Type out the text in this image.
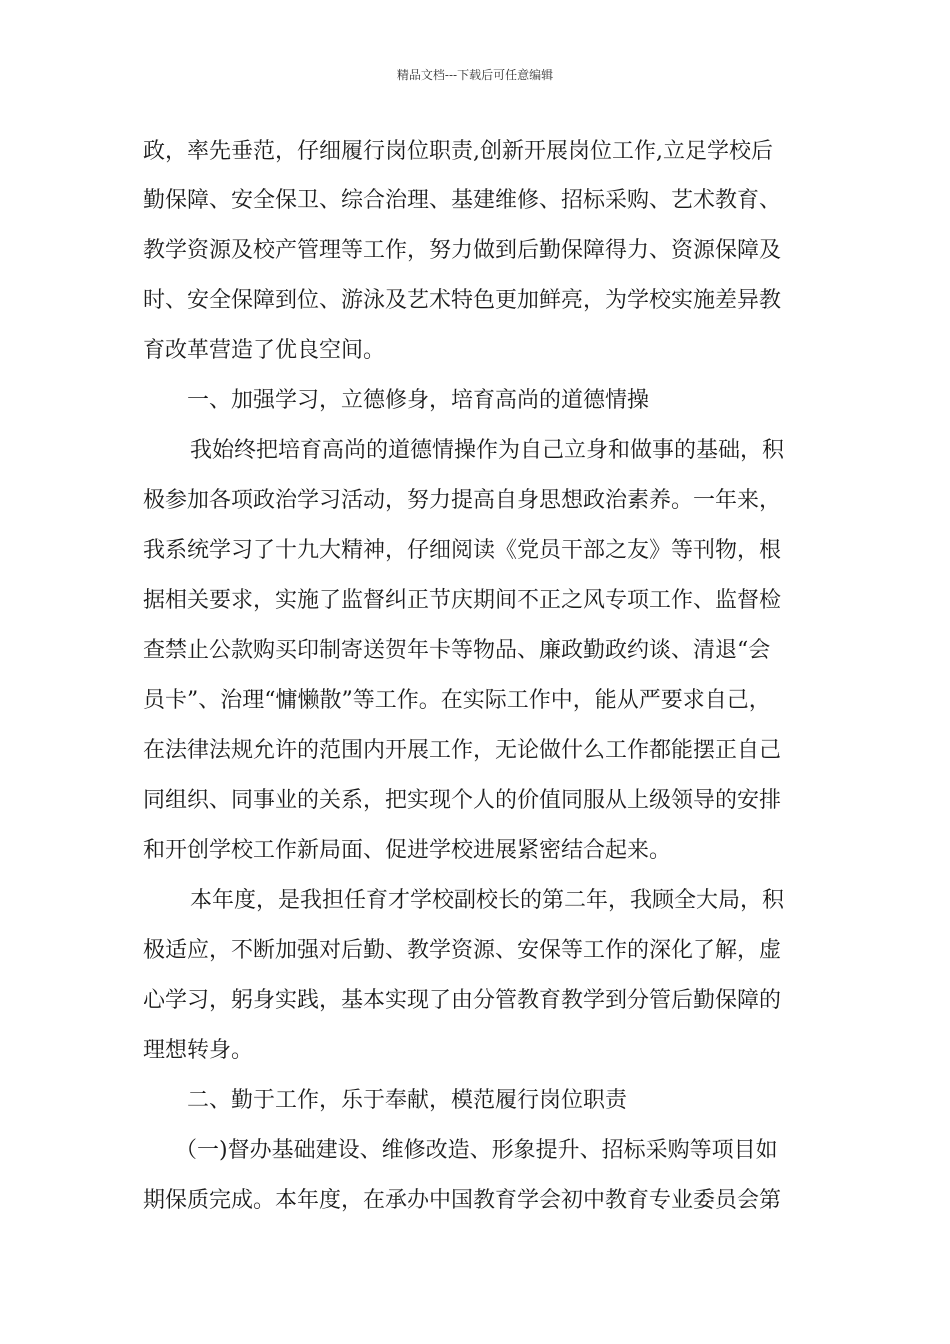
精品文档---下载后可任意编辑
政，率先垂范，仔细履行岗位职责,创新开展岗位工作,立足学校后
勤保障、安全保卫、综合治理、基建维修、招标采购、艺术教育、
教学资源及校产管理等工作，努力做到后勤保障得力、资源保障及
时、安全保障到位、游泳及艺术特色更加鲜亮，为学校实施差异教
育改革营造了优良空间。
一、加强学习，立德修身，培育高尚的道德情操
我始终把培育高尚的道德情操作为自己立身和做事的基础，积
极参加各项政治学习活动，努力提高自身思想政治素养。一年来，
我系统学习了十九大精神，仔细阅读《党员干部之友》等刊物，根
据相关要求，实施了监督纠正节庆期间不正之风专项工作、监督检
查禁止公款购买印制寄送贺年卡等物品、廉政勤政约谈、清退“会
员卡”、治理“慵懒散”等工作。在实际工作中，能从严要求自己，
在法律法规允许的范围内开展工作，无论做什么工作都能摆正自己
同组织、同事业的关系，把实现个人的价值同服从上级领导的安排
和开创学校工作新局面、促进学校进展紧密结合起来。
本年度，是我担任育才学校副校长的第二年，我顾全大局，积
极适应，不断加强对后勤、教学资源、安保等工作的深化了解，虚
心学习，躬身实践，基本实现了由分管教育教学到分管后勤保障的
理想转身。
二、勤于工作，乐于奉献，模范履行岗位职责
（一)督办基础建设、维修改造、形象提升、招标采购等项目如
期保质完成。本年度，在承办中国教育学会初中教育专业委员会第
